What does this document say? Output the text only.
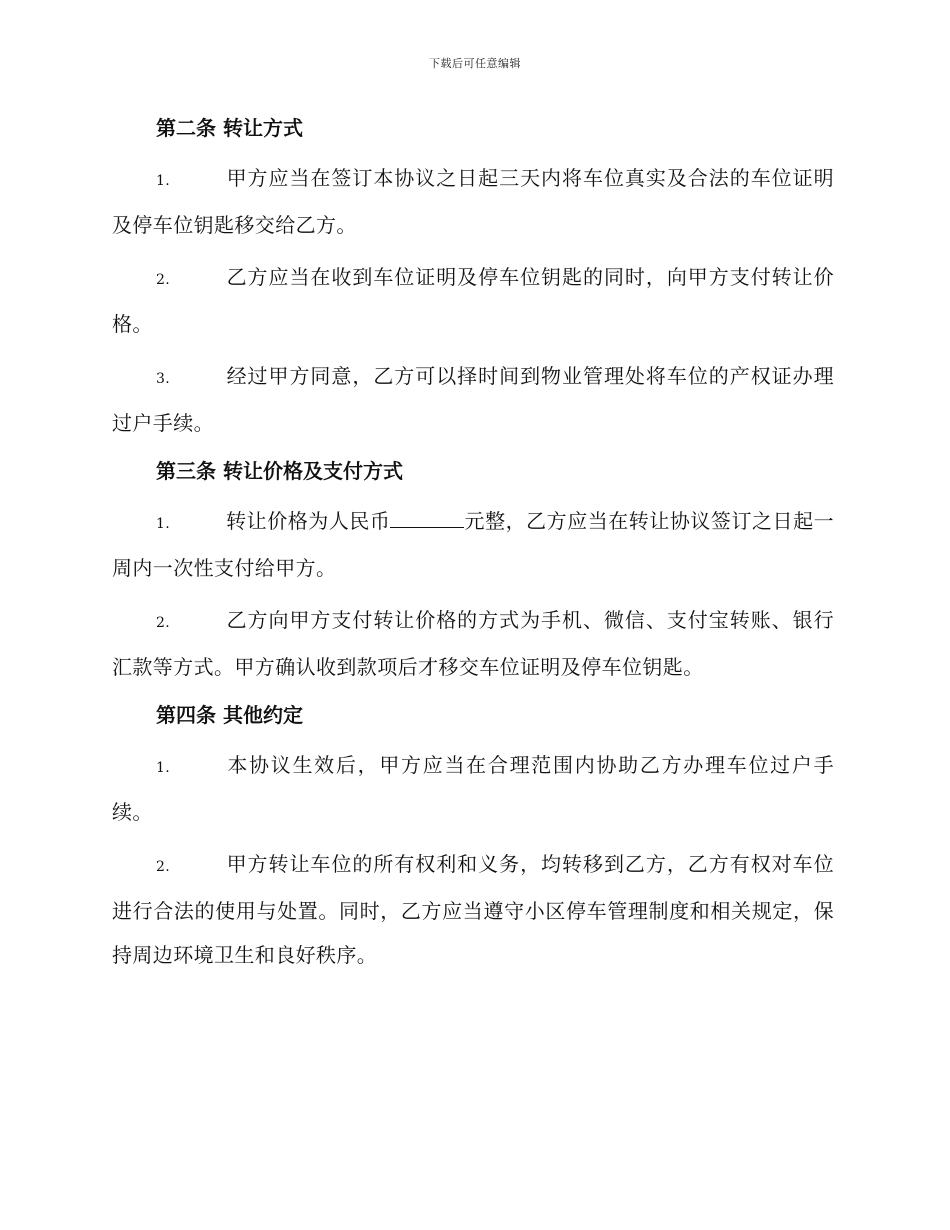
下载后可任意编辑
第二条 转让方式

1.	甲方应当在签订本协议之日起三天内将车位真实及合法的车位证明及停车位钥匙移交给乙方。

2.	乙方应当在收到车位证明及停车位钥匙的同时，向甲方支付转让价格。

3.	经过甲方同意，乙方可以择时间到物业管理处将车位的产权证办理过户手续。

第三条 转让价格及支付方式

1.	转让价格为人民币	元整，乙方应当在转让协议签订之日起一周内一次性支付给甲方。

2.	乙方向甲方支付转让价格的方式为手机、微信、支付宝转账、银行汇款等方式。甲方确认收到款项后才移交车位证明及停车位钥匙。

第四条 其他约定

1.	本协议生效后，甲方应当在合理范围内协助乙方办理车位过户手续。

2.	甲方转让车位的所有权利和义务，均转移到乙方，乙方有权对车位进行合法的使用与处置。同时，乙方应当遵守小区停车管理制度和相关规定，保持周边环境卫生和良好秩序。
